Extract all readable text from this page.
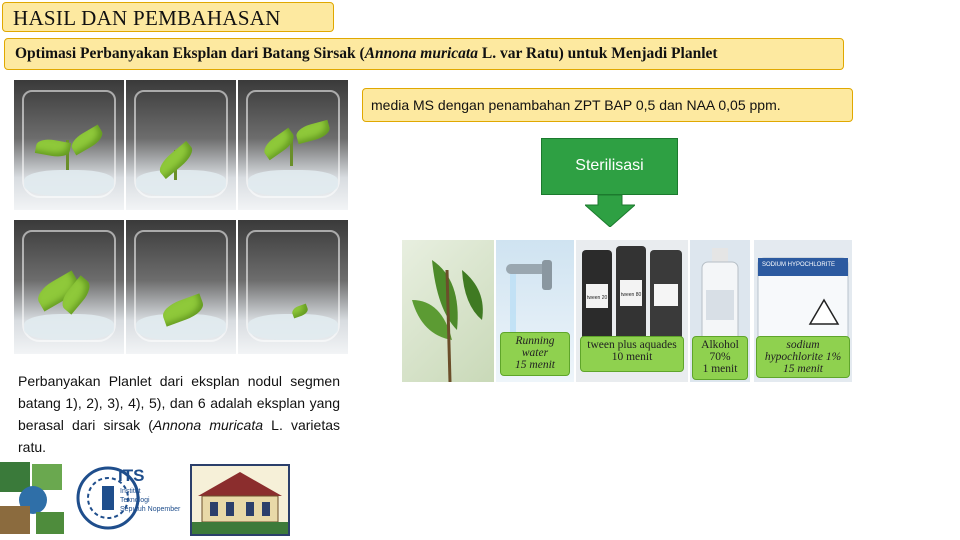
HASIL DAN PEMBAHASAN
Optimasi Perbanyakan Eksplan dari Batang Sirsak (Annona muricata L. var Ratu) untuk Menjadi Planlet
media MS dengan penambahan ZPT BAP 0,5 dan NAA 0,05 ppm.
Sterilisasi
Running
water
15 menit
tween 20	tween 80
tween plus aquades
10 menit
Alkohol
70%
1 menit
SODIUM HYPOCHLORITE
sodium
hypochlorite 1%
15 menit
Perbanyakan Planlet dari eksplan nodul segmen batang 1), 2), 3), 4), 5), dan 6 adalah eksplan yang berasal dari sirsak (Annona muricata L. varietas ratu.
ITS
Institut
Teknologi
Sepuluh Nopember
